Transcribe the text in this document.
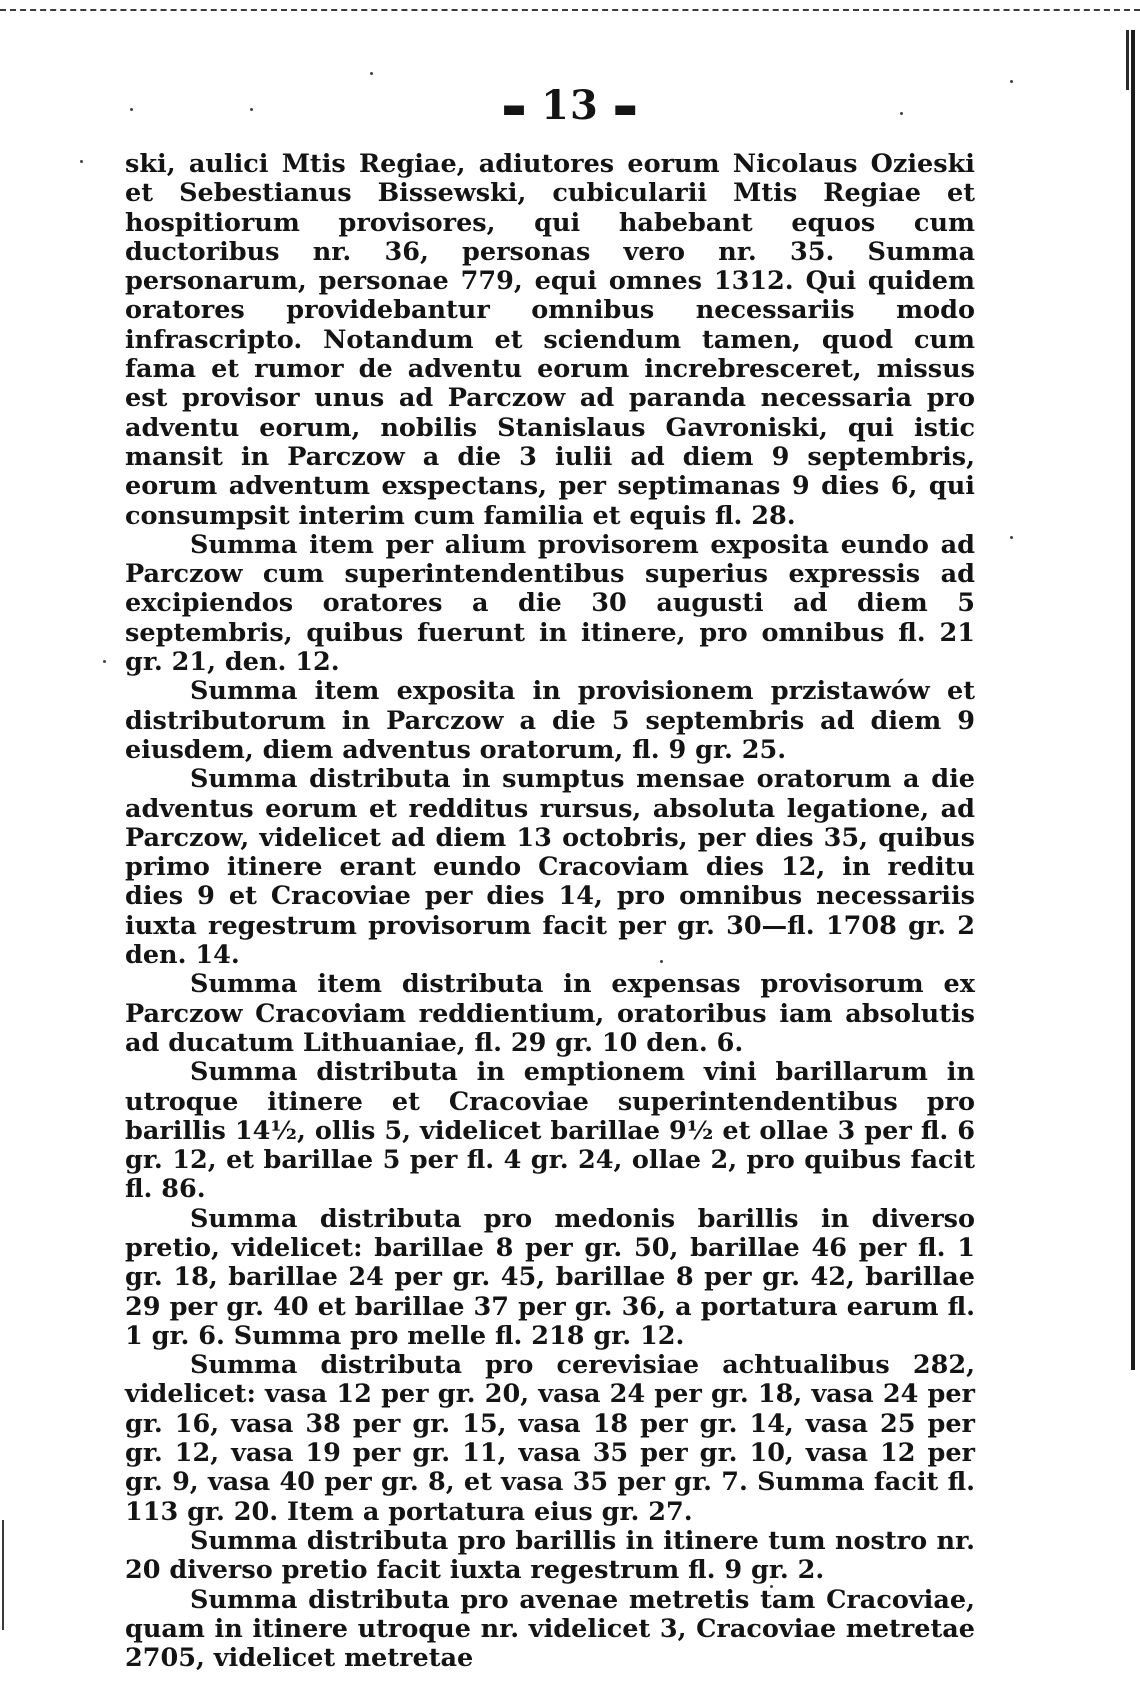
▬ 13 ▬

ski, aulici Mtis Regiae, adiutores eorum Nicolaus Ozieski et Sebestianus Bissewski, cubicularii Mtis Regiae et hospitiorum provisores, qui habebant equos cum ductoribus nr. 36, personas vero nr. 35. Summa personarum, personae 779, equi omnes 1312. Qui quidem oratores providebantur omnibus necessariis modo infrascripto. Notandum et sciendum tamen, quod cum fama et rumor de adventu eorum increbresceret, missus est provisor unus ad Parczow ad paranda necessaria pro adventu eorum, nobilis Stanislaus Gavroniski, qui istic mansit in Parczow a die 3 iulii ad diem 9 septembris, eorum adventum exspectans, per septimanas 9 dies 6, qui consumpsit interim cum familia et equis fl. 28.

Summa item per alium provisorem exposita eundo ad Parczow cum superintendentibus superius expressis ad excipiendos oratores a die 30 augusti ad diem 5 septembris, quibus fuerunt in itinere, pro omnibus fl. 21 gr. 21, den. 12.

Summa item exposita in provisionem przistawów et distributorum in Parczow a die 5 septembris ad diem 9 eiusdem, diem adventus oratorum, fl. 9 gr. 25.

Summa distributa in sumptus mensae oratorum a die adventus eorum et redditus rursus, absoluta legatione, ad Parczow, videlicet ad diem 13 octobris, per dies 35, quibus primo itinere erant eundo Cracoviam dies 12, in reditu dies 9 et Cracoviae per dies 14, pro omnibus necessariis iuxta regestrum provisorum facit per gr. 30—fl. 1708 gr. 2 den. 14.

Summa item distributa in expensas provisorum ex Parczow Cracoviam reddientium, oratoribus iam absolutis ad ducatum Lithuaniae, fl. 29 gr. 10 den. 6.

Summa distributa in emptionem vini barillarum in utroque itinere et Cracoviae superintendentibus pro barillis 14½, ollis 5, videlicet barillae 9½ et ollae 3 per fl. 6 gr. 12, et barillae 5 per fl. 4 gr. 24, ollae 2, pro quibus facit fl. 86.

Summa distributa pro medonis barillis in diverso pretio, videlicet: barillae 8 per gr. 50, barillae 46 per fl. 1 gr. 18, barillae 24 per gr. 45, barillae 8 per gr. 42, barillae 29 per gr. 40 et barillae 37 per gr. 36, a portatura earum fl. 1 gr. 6. Summa pro melle fl. 218 gr. 12.

Summa distributa pro cerevisiae achtualibus 282, videlicet: vasa 12 per gr. 20, vasa 24 per gr. 18, vasa 24 per gr. 16, vasa 38 per gr. 15, vasa 18 per gr. 14, vasa 25 per gr. 12, vasa 19 per gr. 11, vasa 35 per gr. 10, vasa 12 per gr. 9, vasa 40 per gr. 8, et vasa 35 per gr. 7. Summa facit fl. 113 gr. 20. Item a portatura eius gr. 27.

Summa distributa pro barillis in itinere tum nostro nr. 20 diverso pretio facit iuxta regestrum fl. 9 gr. 2.

Summa distributa pro avenae metretis tam Cracoviae, quam in itinere utroque nr. videlicet 3, Cracoviae metretae 2705, videlicet metretae
